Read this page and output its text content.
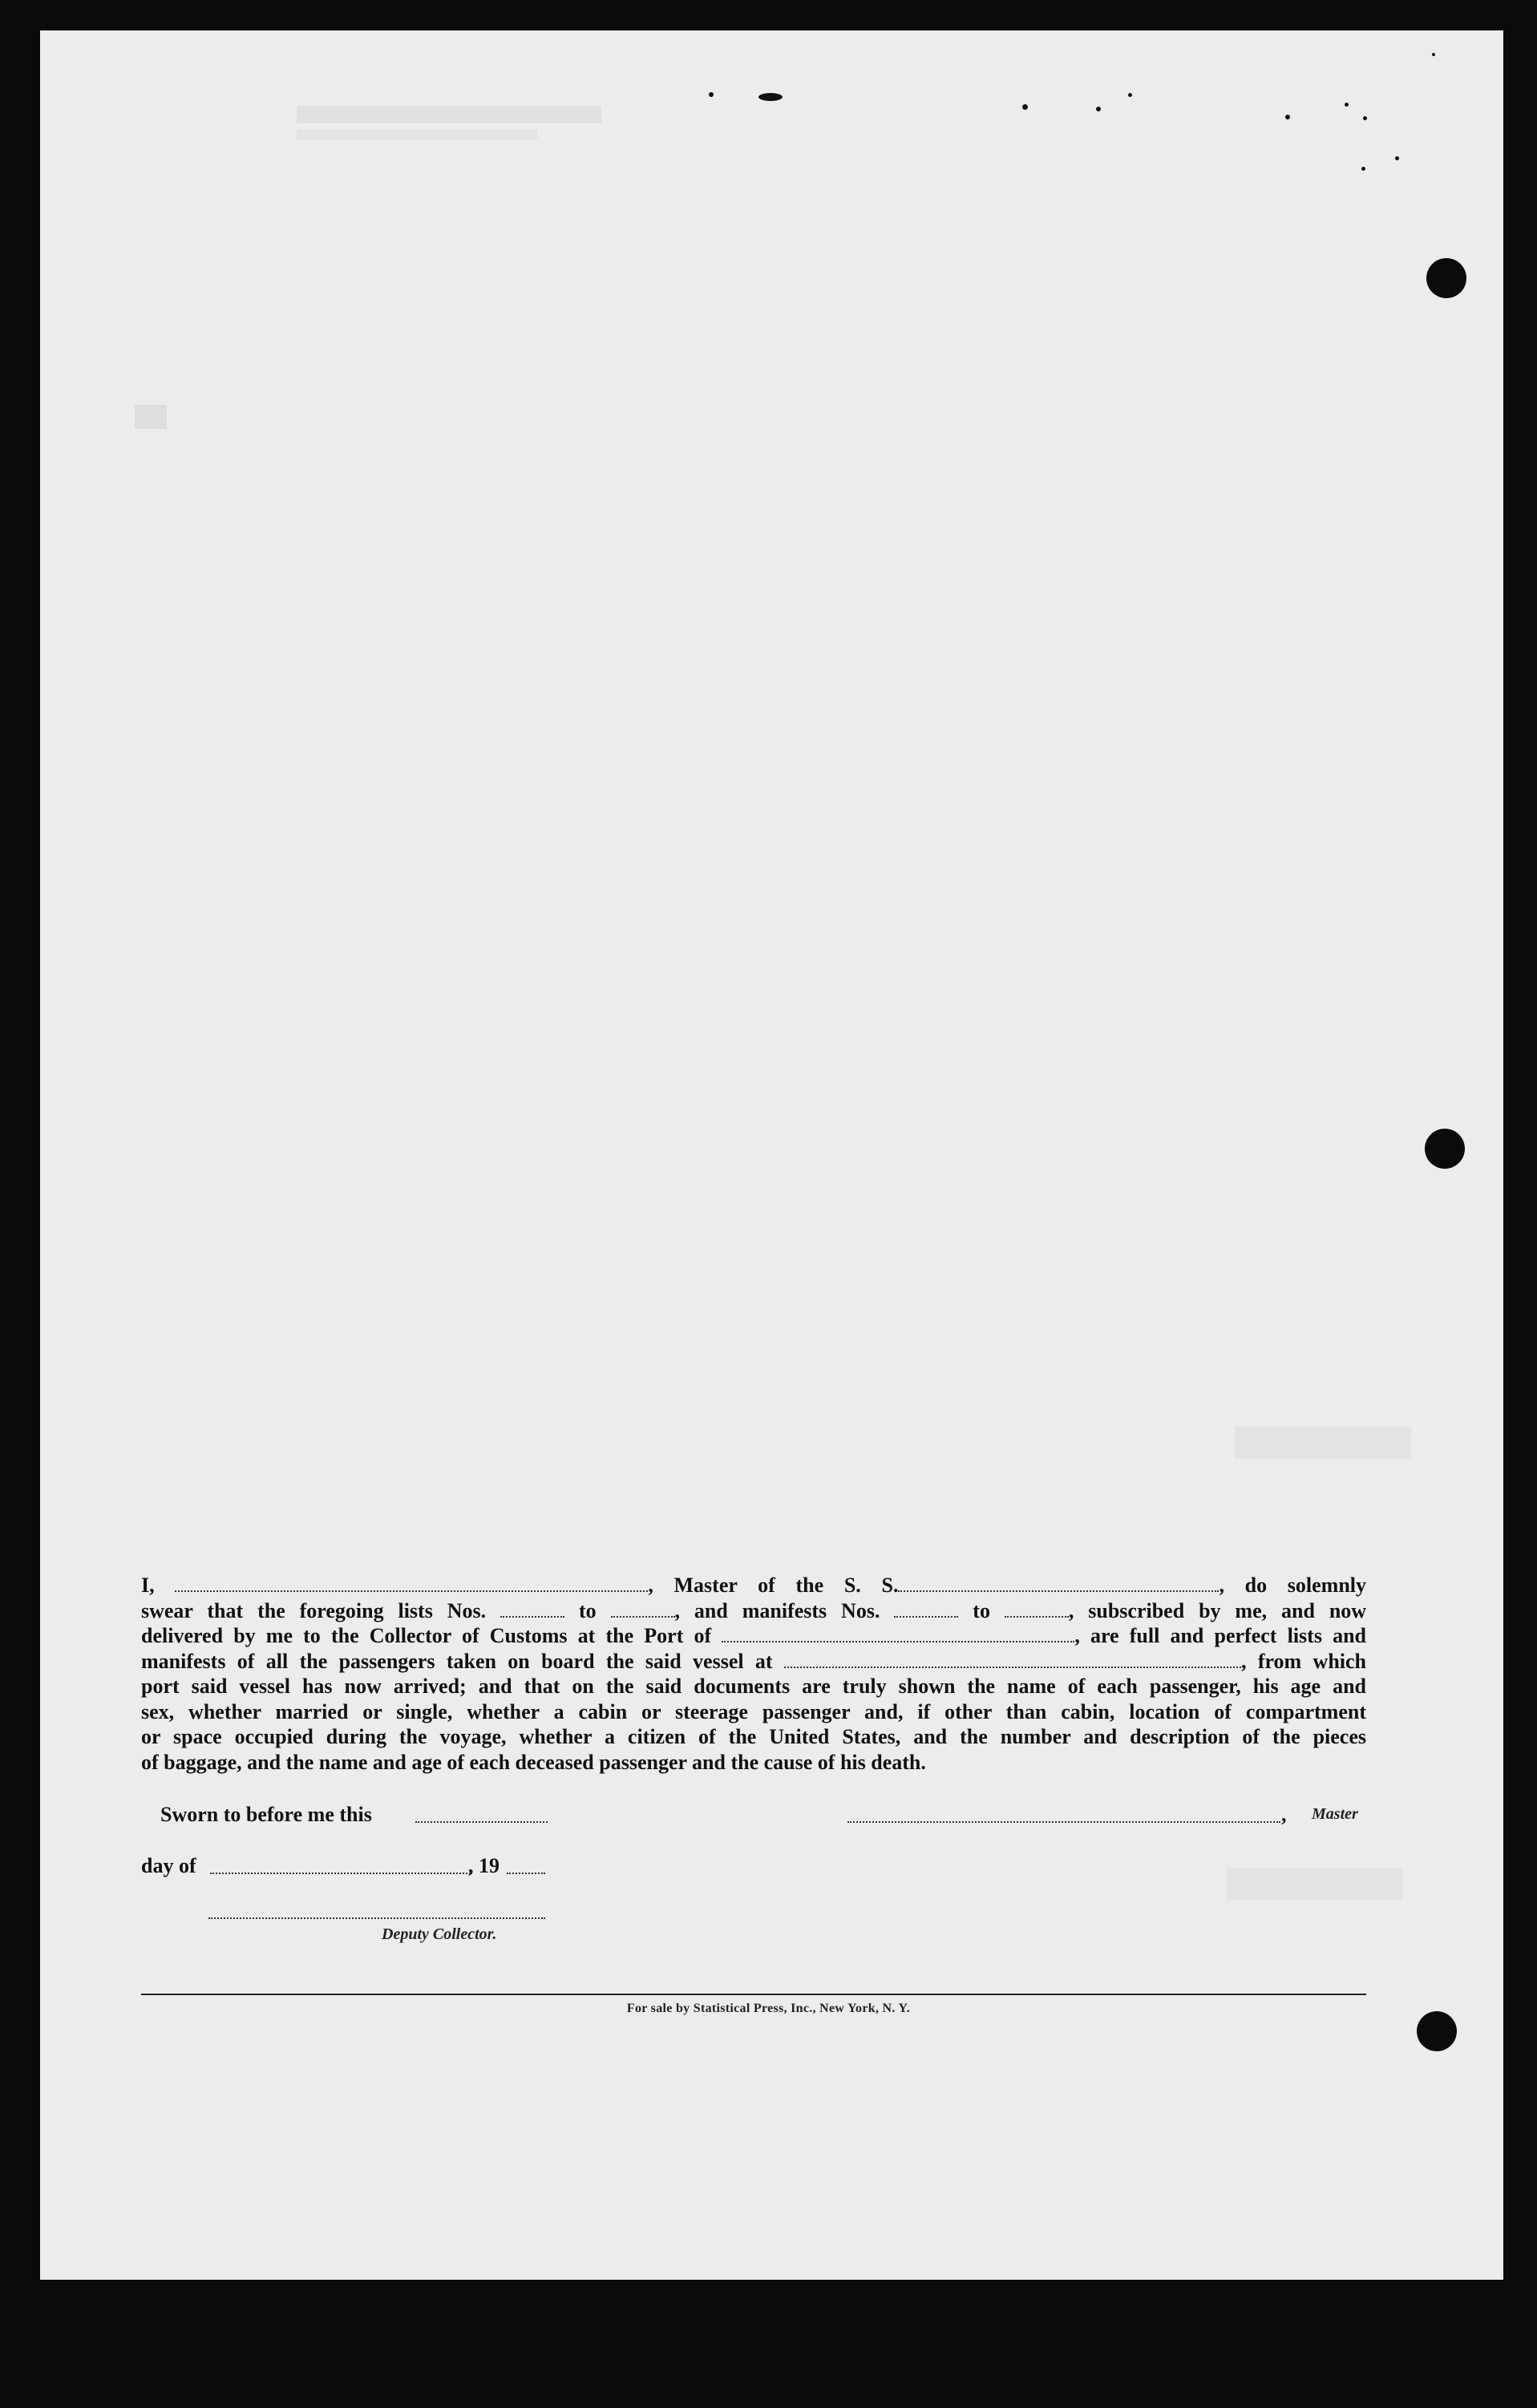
I,	, Master of the S. S.	, do solemnly
swear that the foregoing lists Nos.	to	, and manifests Nos.	to	, subscribed by me, and now
delivered by me to the Collector of Customs at the Port of	, are full and perfect lists and
manifests of all the passengers taken on board the said vessel at	, from which
port said vessel has now arrived; and that on the said documents are truly shown the name of each passenger, his age and
sex, whether married or single, whether a cabin or steerage passenger and, if other than cabin, location of compartment
or space occupied during the voyage, whether a citizen of the United States, and the number and description of the pieces
of baggage, and the name and age of each deceased passenger and the cause of his death.
Sworn to before me this	, Master
day of	, 19
Deputy Collector.
For sale by Statistical Press, Inc., New York, N. Y.
